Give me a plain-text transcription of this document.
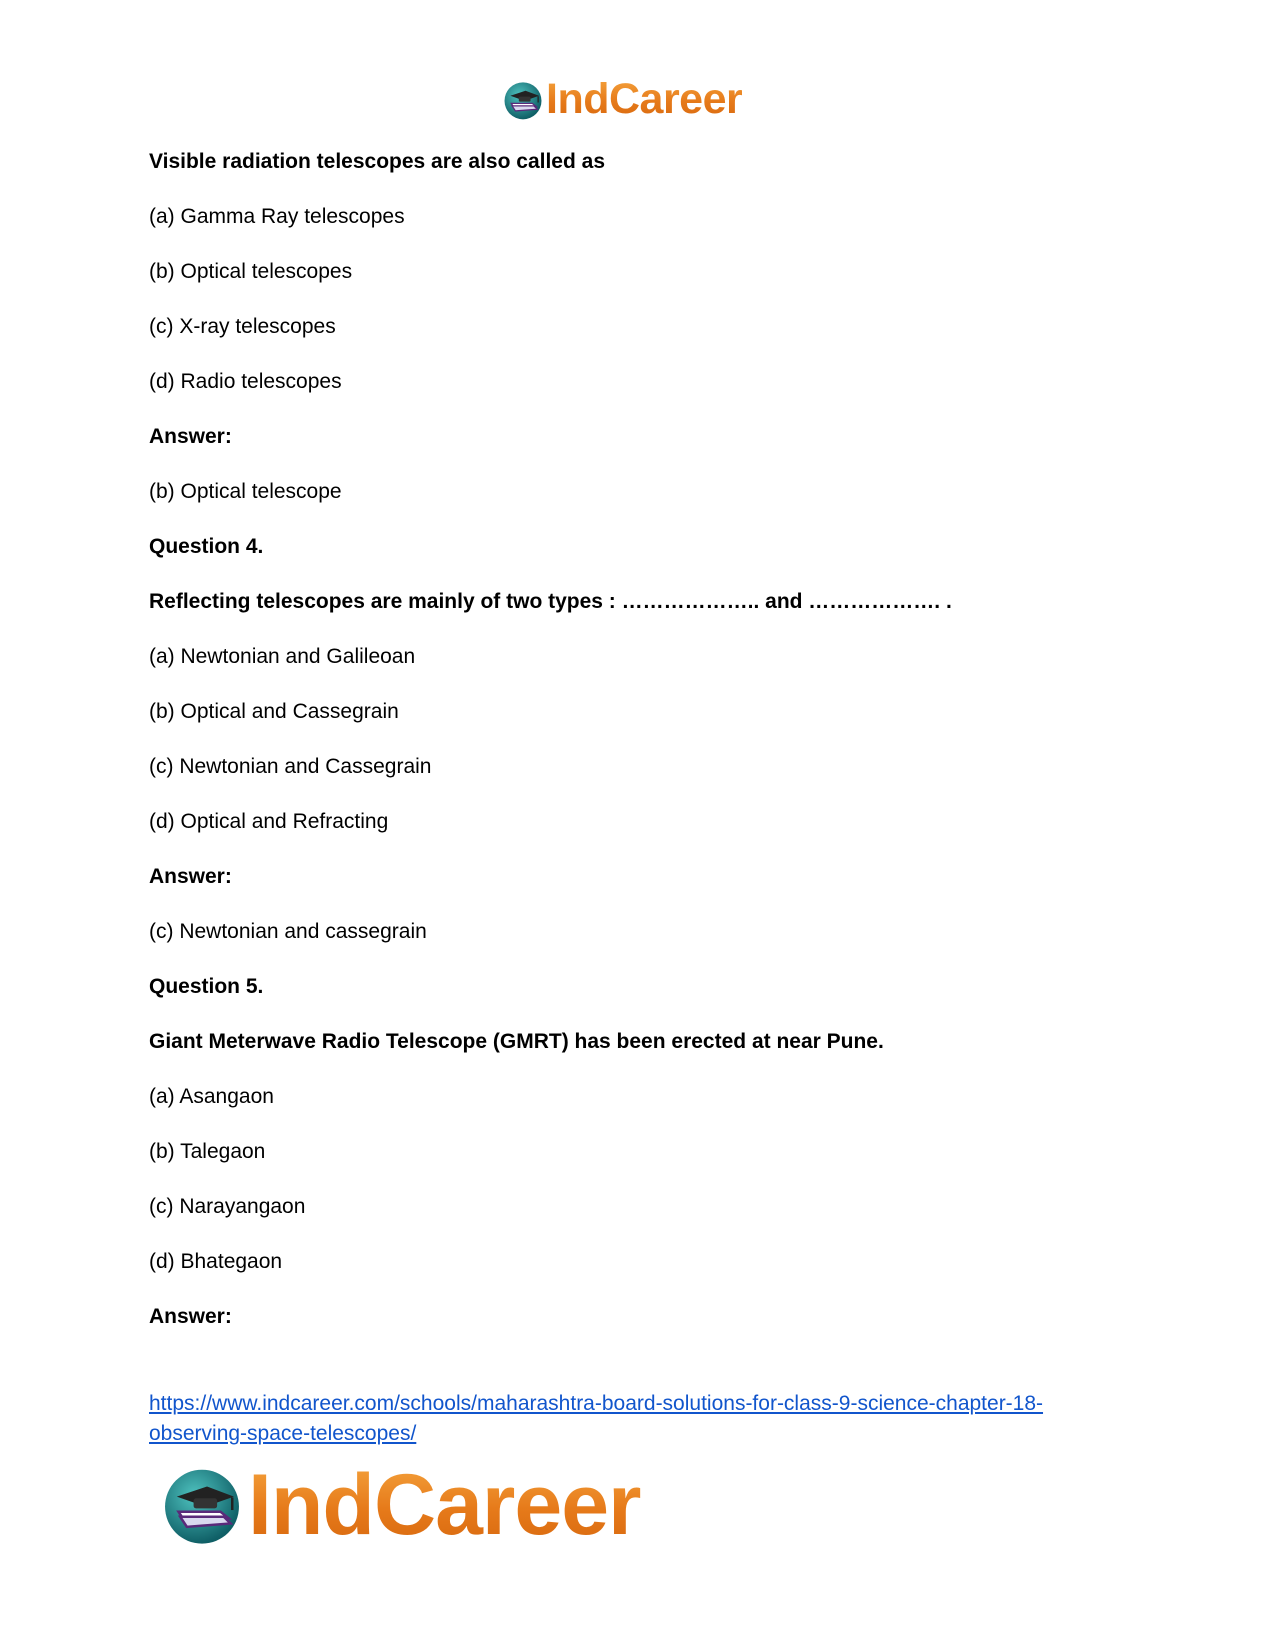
IndCareer
Visible radiation telescopes are also called as
(a) Gamma Ray telescopes
(b) Optical telescopes
(c) X-ray telescopes
(d) Radio telescopes
Answer:
(b) Optical telescope
Question 4.
Reflecting telescopes are mainly of two types : ……………….. and ………………. .
(a) Newtonian and Galileoan
(b) Optical and Cassegrain
(c) Newtonian and Cassegrain
(d) Optical and Refracting
Answer:
(c) Newtonian and cassegrain
Question 5.
Giant Meterwave Radio Telescope (GMRT) has been erected at near Pune.
(a) Asangaon
(b) Talegaon
(c) Narayangaon
(d) Bhategaon
Answer:
https://www.indcareer.com/schools/maharashtra-board-solutions-for-class-9-science-chapter-18-observing-space-telescopes/
IndCareer
